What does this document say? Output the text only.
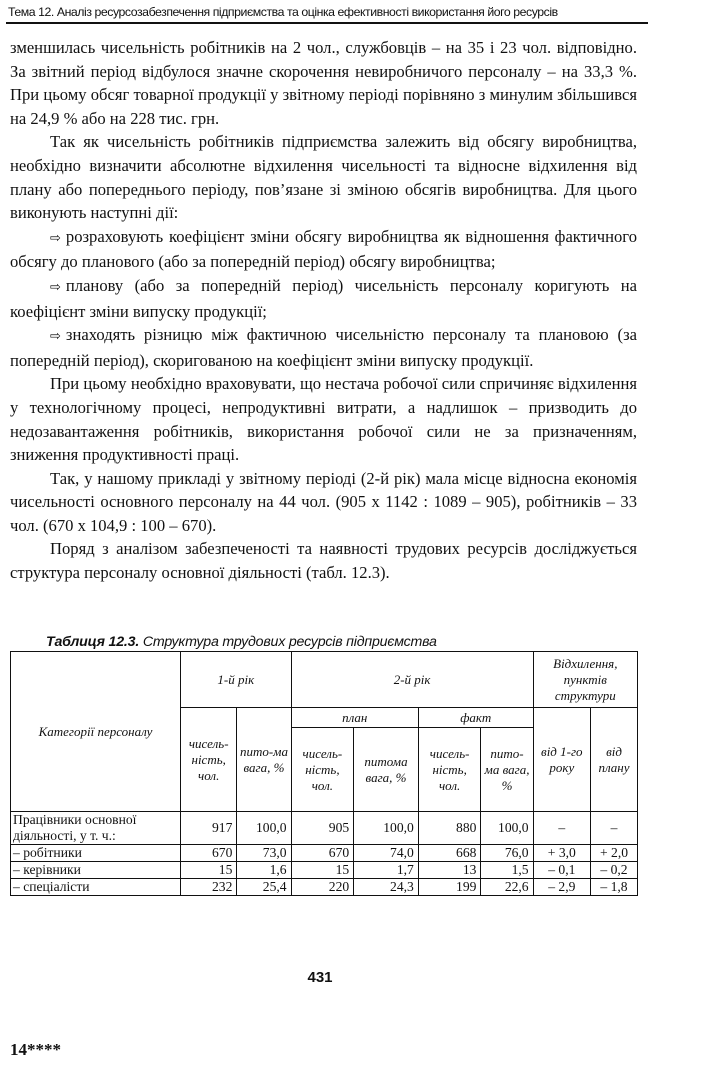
Тема 12. Аналіз ресурсозабезпечення підприємства та оцінка ефективності використання його ресурсів

зменшилась чисельність робітників на 2 чол., службовців – на 35 і 23 чол. відповідно. За звітний період відбулося значне скорочення невиробничого персоналу – на 33,3 %. При цьому обсяг товарної продукції у звітному періоді порівняно з минулим збільшився на 24,9 % або на 228 тис. грн.

Так як чисельність робітників підприємства залежить від обсягу виробництва, необхідно визначити абсолютне відхилення чисельності та відносне відхилення від плану або попереднього періоду, пов’язане зі зміною обсягів виробництва. Для цього виконують наступні дії:

⇨ розраховують коефіцієнт зміни обсягу виробництва як відношення фактичного обсягу до планового (або за попередній період) обсягу виробництва;

⇨ планову (або за попередній період) чисельність персоналу коригують на коефіцієнт зміни випуску продукції;

⇨ знаходять різницю між фактичною чисельністю персоналу та плановою (за попередній період), скоригованою на коефіцієнт зміни випуску продукції.

При цьому необхідно враховувати, що нестача робочої сили спричиняє відхилення у технологічному процесі, непродуктивні витрати, а надлишок – призводить до недозавантаження робітників, використання робочої сили не за призначенням, зниження продуктивності праці.

Так, у нашому прикладі у звітному періоді (2-й рік) мала місце відносна економія чисельності основного персоналу на 44 чол. (905 x 1142 : 1089 – 905), робітників – 33 чол. (670 x 104,9 : 100 – 670).

Поряд з аналізом забезпеченості та наявності трудових ресурсів досліджується структура персоналу основної діяльності (табл. 12.3).

Таблиця 12.3. Структура трудових ресурсів підприємства
Категорії персоналу	1-й рік		2-й рік				Відхилення, пунктів структури	
	чисель-ність, чол.	пито-ма вага, %	план		факт		від 1-го року	від плану
			чисель-ність, чол.	питома вага, %	чисель-ність, чол.	пито-ма вага, %		
Працівники основної діяльності, у т. ч.:	917	100,0	905	100,0	880	100,0	–	–
– робітники	670	73,0	670	74,0	668	76,0	+ 3,0	+ 2,0
– керівники	15	1,6	15	1,7	13	1,5	– 0,1	– 0,2
– спеціалісти	232	25,4	220	24,3	199	22,6	– 2,9	– 1,8
431
14****
